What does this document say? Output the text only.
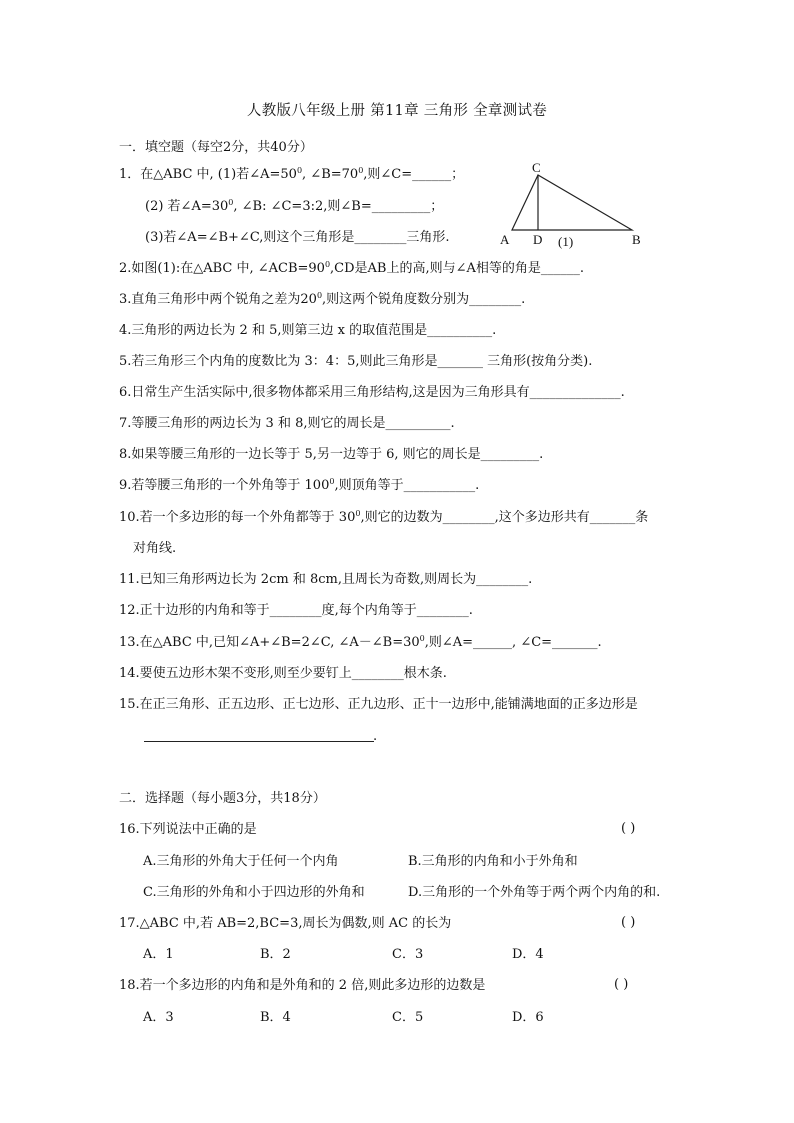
人教版八年级上册 第11章 三角形 全章测试卷
一．填空题（每空2分，共40分）
1．在△ABC 中, (1)若$\angle A=50^0$, $\angle B=70^0$,则∠C=______；
(2) 若$\angle A=30^0$, ∠B: ∠C=3:2,则∠B=_________；
(3)若∠A=∠B+∠C,则这个三角形是________三角形.
C
A D (1)	B
2.如图(1):在△ABC 中, $\angle ACB=90^0,CD$是AB上的高,则与∠A相等的角是______.
3.直角三角形中两个锐角之差为$20^0$,则这两个锐角度数分别为________.
4.三角形的两边长为 2 和 5,则第三边 x 的取值范围是__________.
5.若三角形三个内角的度数比为 3：4：5,则此三角形是_______ 三角形(按角分类).
6.日常生产生活实际中,很多物体都采用三角形结构,这是因为三角形具有______________.
7.等腰三角形的两边长为 3 和 8,则它的周长是__________.
8.如果等腰三角形的一边长等于 5,另一边等于 6, 则它的周长是_________.
9.若等腰三角形的一个外角等于 $100^0$,则顶角等于___________.
10.若一个多边形的每一个外角都等于 $30^0$,则它的边数为________,这个多边形共有_______条
对角线.
11.已知三角形两边长为 2cm 和 8cm,且周长为奇数,则周长为________.
12.正十边形的内角和等于________度,每个内角等于________.
13.在△ABC 中,已知∠A+∠B=2∠C, $\angle A-\angle B=30^0$,则∠A=______, ∠C=_______.
14.要使五边形木架不变形,则至少要钉上________根木条.
15.在正三角形、正五边形、正七边形、正九边形、正十一边形中,能铺满地面的正多边形是
.
二．选择题（每小题3分，共18分）
16.下列说法中正确的是	( )
A.三角形的外角大于任何一个内角	B.三角形的内角和小于外角和
C.三角形的外角和小于四边形的外角和	D.三角形的一个外角等于两个两个内角的和.
17.△ABC 中,若 AB=2,BC=3,周长为偶数,则 AC 的长为	( )
A．1	B．2	C．3	D．4
18.若一个多边形的内角和是外角和的 2 倍,则此多边形的边数是	( )
A．3	B．4	C．5	D．6
